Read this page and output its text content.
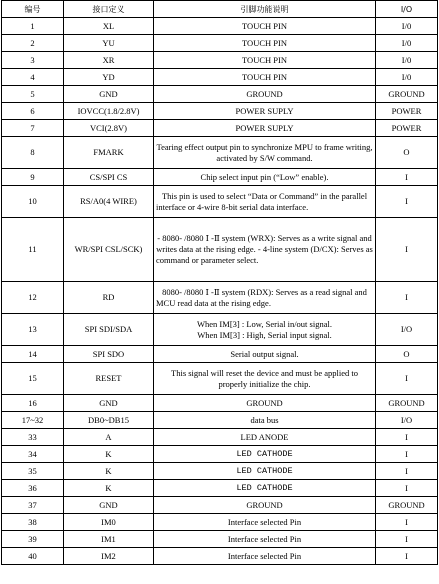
编号	接口定义	引脚功能说明	I/O
1	XL	TOUCH PIN	I/0
2	YU	TOUCH PIN	I/0
3	XR	TOUCH PIN	I/0
4	YD	TOUCH PIN	I/0
5	GND	GROUND	GROUND
6	IOVCC(1.8/2.8V)	POWER SUPLY	POWER
7	VCI(2.8V)	POWER SUPLY	POWER
8	FMARK	Tearing effect output pin to synchronize MPU to frame writing, activated by S/W command.	O
9	CS/SPI CS	Chip select input pin (“Low” enable).	I
10	RS/A0(4 WIRE)	This pin is used to select “Data or Command” in the parallel interface or 4-wire 8-bit serial data interface.	I
11	WR/SPI CSL/SCK)	- 8080- /8080 Ⅰ -Ⅱ system (WRX): Serves as a write signal and writes data at the rising edge. - 4-line system (D/CX): Serves as command or parameter select.	I
12	RD	8080- /8080 Ⅰ -Ⅱ system (RDX): Serves as a read signal and MCU read data at the rising edge.	I
13	SPI SDI/SDA	When IM[3] : Low, Serial in/out signal.
When IM[3] : High, Serial input signal.	I/O
14	SPI SDO	Serial output signal.	O
15	RESET	This signal will reset the device and must be applied to properly initialize the chip.	I
16	GND	GROUND	GROUND
17~32	DB0~DB15	data bus	I/O
33	A	LED ANODE	I
34	K	LED CATHODE	I
35	K	LED CATHODE	I
36	K	LED CATHODE	I
37	GND	GROUND	GROUND
38	IM0	Interface selected Pin	I
39	IM1	Interface selected Pin	I
40	IM2	Interface selected Pin	I
